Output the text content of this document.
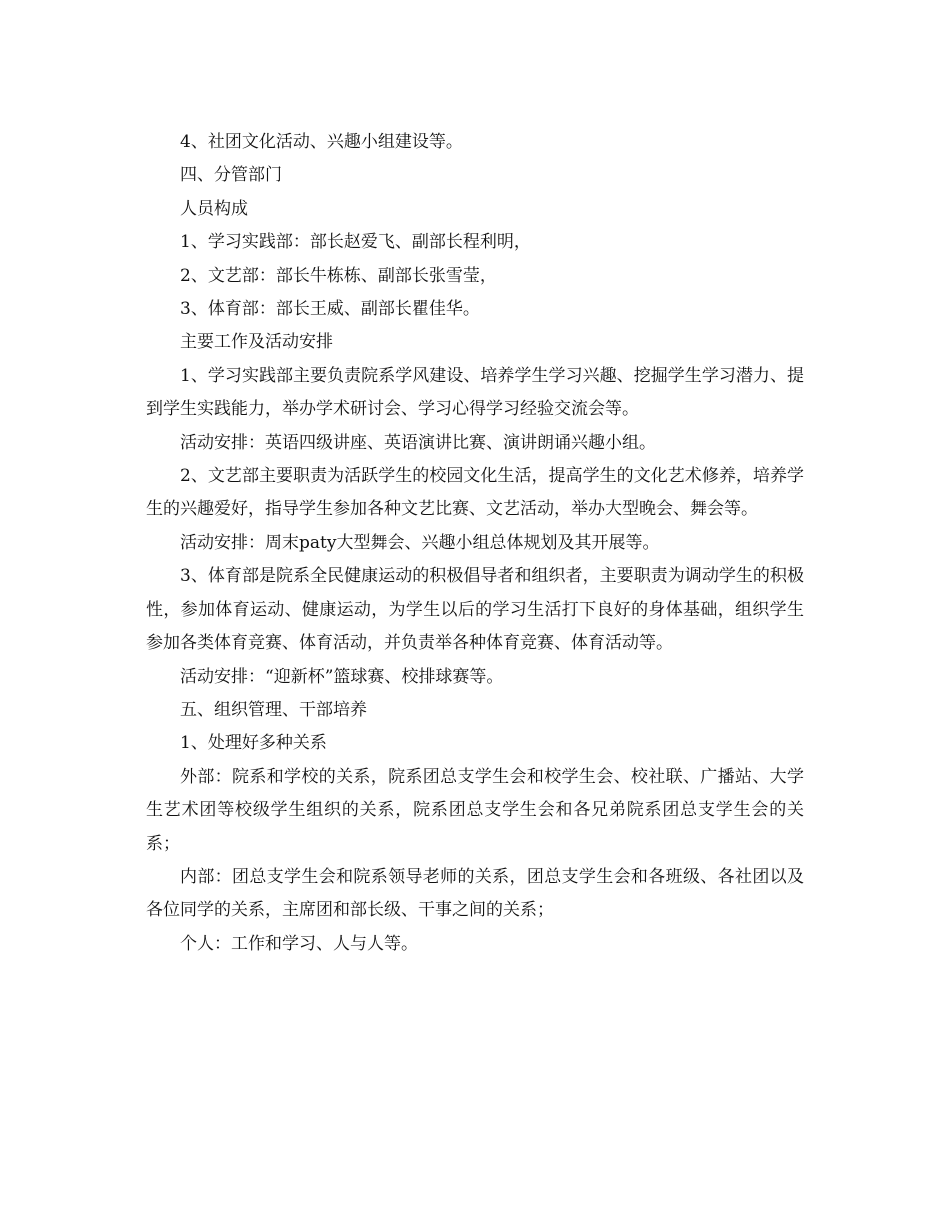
4、社团文化活动、兴趣小组建设等。

四、分管部门

人员构成

1、学习实践部：部长赵爱飞、副部长程利明，

2、文艺部：部长牛栋栋、副部长张雪莹，

3、体育部：部长王威、副部长瞿佳华。

主要工作及活动安排

1、学习实践部主要负责院系学风建设、培养学生学习兴趣、挖掘学生学习潜力、提到学生实践能力，举办学术研讨会、学习心得学习经验交流会等。

活动安排：英语四级讲座、英语演讲比赛、演讲朗诵兴趣小组。

2、文艺部主要职责为活跃学生的校园文化生活，提高学生的文化艺术修养，培养学生的兴趣爱好，指导学生参加各种文艺比赛、文艺活动，举办大型晚会、舞会等。

活动安排：周末paty大型舞会、兴趣小组总体规划及其开展等。

3、体育部是院系全民健康运动的积极倡导者和组织者，主要职责为调动学生的积极性，参加体育运动、健康运动，为学生以后的学习生活打下良好的身体基础，组织学生参加各类体育竞赛、体育活动，并负责举各种体育竞赛、体育活动等。

活动安排：“迎新杯”篮球赛、校排球赛等。

五、组织管理、干部培养

1、处理好多种关系

外部：院系和学校的关系，院系团总支学生会和校学生会、校社联、广播站、大学生艺术团等校级学生组织的关系，院系团总支学生会和各兄弟院系团总支学生会的关系；

内部：团总支学生会和院系领导老师的关系，团总支学生会和各班级、各社团以及各位同学的关系，主席团和部长级、干事之间的关系；

个人：工作和学习、人与人等。
